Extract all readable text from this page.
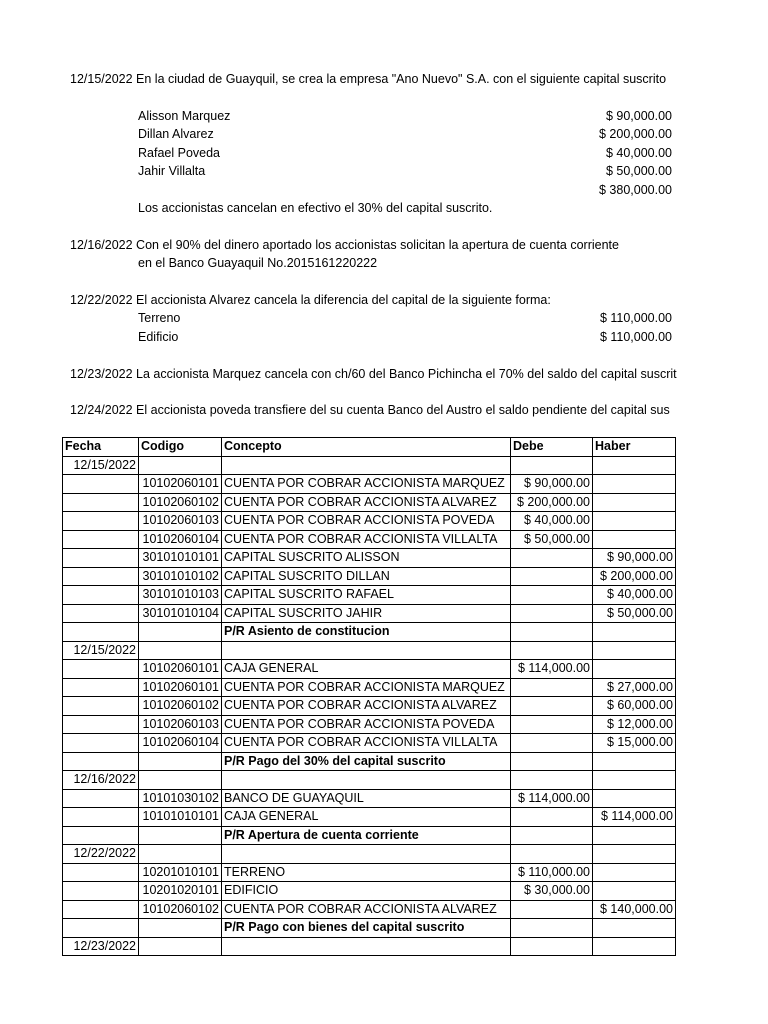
12/15/2022 En la ciudad de Guayquil, se crea la empresa "Ano Nuevo" S.A. con el siguiente capital suscrito
Alisson Marquez	$ 90,000.00
Dillan Alvarez	$ 200,000.00
Rafael Poveda	$ 40,000.00
Jahir Villalta	$ 50,000.00
$ 380,000.00
Los accionistas cancelan en efectivo el 30% del capital suscrito.
12/16/2022 Con el 90% del dinero aportado los accionistas solicitan la apertura de cuenta corriente
en el Banco Guayaquil No.2015161220222
12/22/2022 El accionista Alvarez cancela la diferencia del capital de la siguiente forma:
Terreno	$ 110,000.00
Edificio	$ 110,000.00
12/23/2022 La accionista Marquez cancela con ch/60 del Banco Pichincha el 70% del saldo del capital suscrit
12/24/2022 El accionista poveda transfiere del su cuenta Banco del Austro el saldo pendiente del capital sus
Fecha	Codigo	Concepto	Debe	Haber
12/15/2022				
	10102060101	CUENTA POR COBRAR ACCIONISTA MARQUEZ	$ 90,000.00	
	10102060102	CUENTA POR COBRAR ACCIONISTA ALVAREZ	$ 200,000.00	
	10102060103	CUENTA POR COBRAR ACCIONISTA POVEDA	$ 40,000.00	
	10102060104	CUENTA POR COBRAR ACCIONISTA VILLALTA	$ 50,000.00	
	30101010101	CAPITAL SUSCRITO ALISSON		$ 90,000.00
	30101010102	CAPITAL SUSCRITO DILLAN		$ 200,000.00
	30101010103	CAPITAL SUSCRITO RAFAEL		$ 40,000.00
	30101010104	CAPITAL SUSCRITO JAHIR		$ 50,000.00
		P/R Asiento de constitucion		
12/15/2022				
	10102060101	CAJA GENERAL	$ 114,000.00	
	10102060101	CUENTA POR COBRAR ACCIONISTA MARQUEZ		$ 27,000.00
	10102060102	CUENTA POR COBRAR ACCIONISTA ALVAREZ		$ 60,000.00
	10102060103	CUENTA POR COBRAR ACCIONISTA POVEDA		$ 12,000.00
	10102060104	CUENTA POR COBRAR ACCIONISTA VILLALTA		$ 15,000.00
		P/R Pago del 30% del capital suscrito		
12/16/2022				
	10101030102	BANCO DE GUAYAQUIL	$ 114,000.00	
	10101010101	CAJA GENERAL		$ 114,000.00
		P/R Apertura de cuenta corriente		
12/22/2022				
	10201010101	TERRENO	$ 110,000.00	
	10201020101	EDIFICIO	$ 30,000.00	
	10102060102	CUENTA POR COBRAR ACCIONISTA ALVAREZ		$ 140,000.00
		P/R Pago con bienes del capital suscrito		
12/23/2022				
